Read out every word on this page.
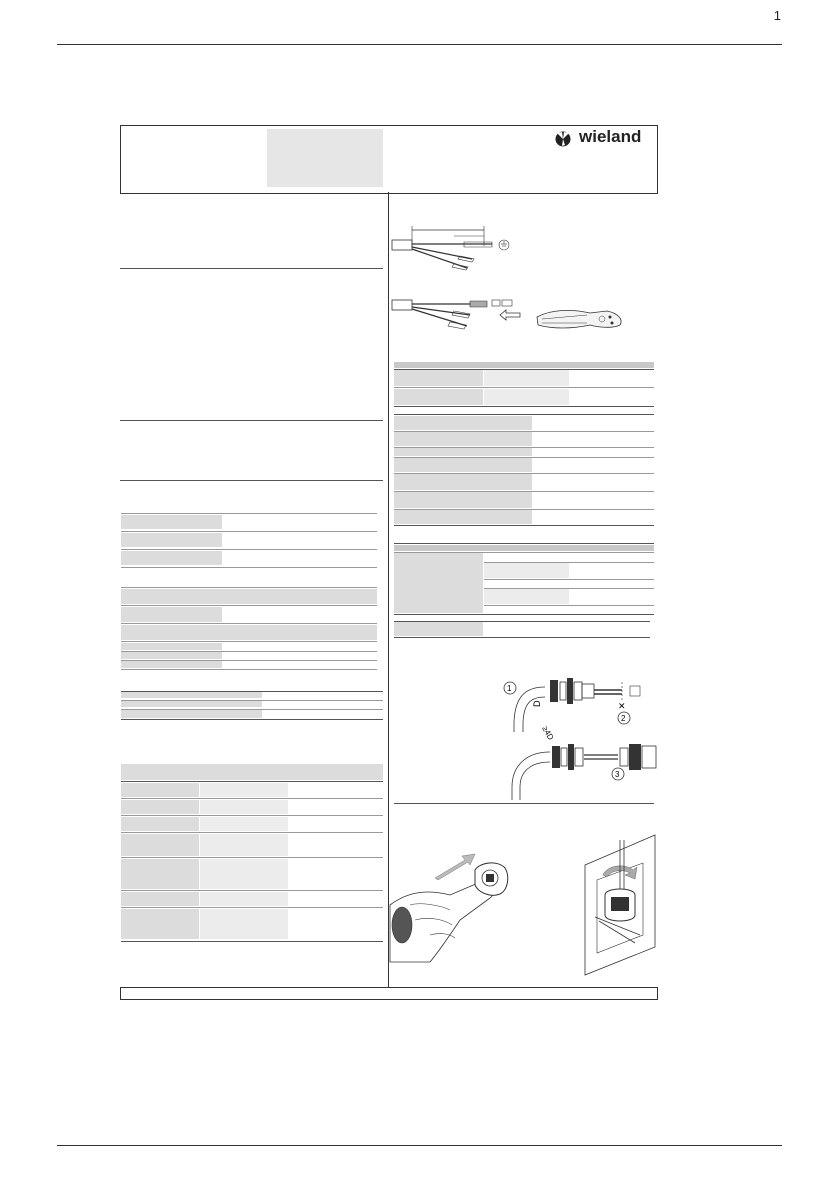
1
wieland
✕
D
≥4D
1
2
3
